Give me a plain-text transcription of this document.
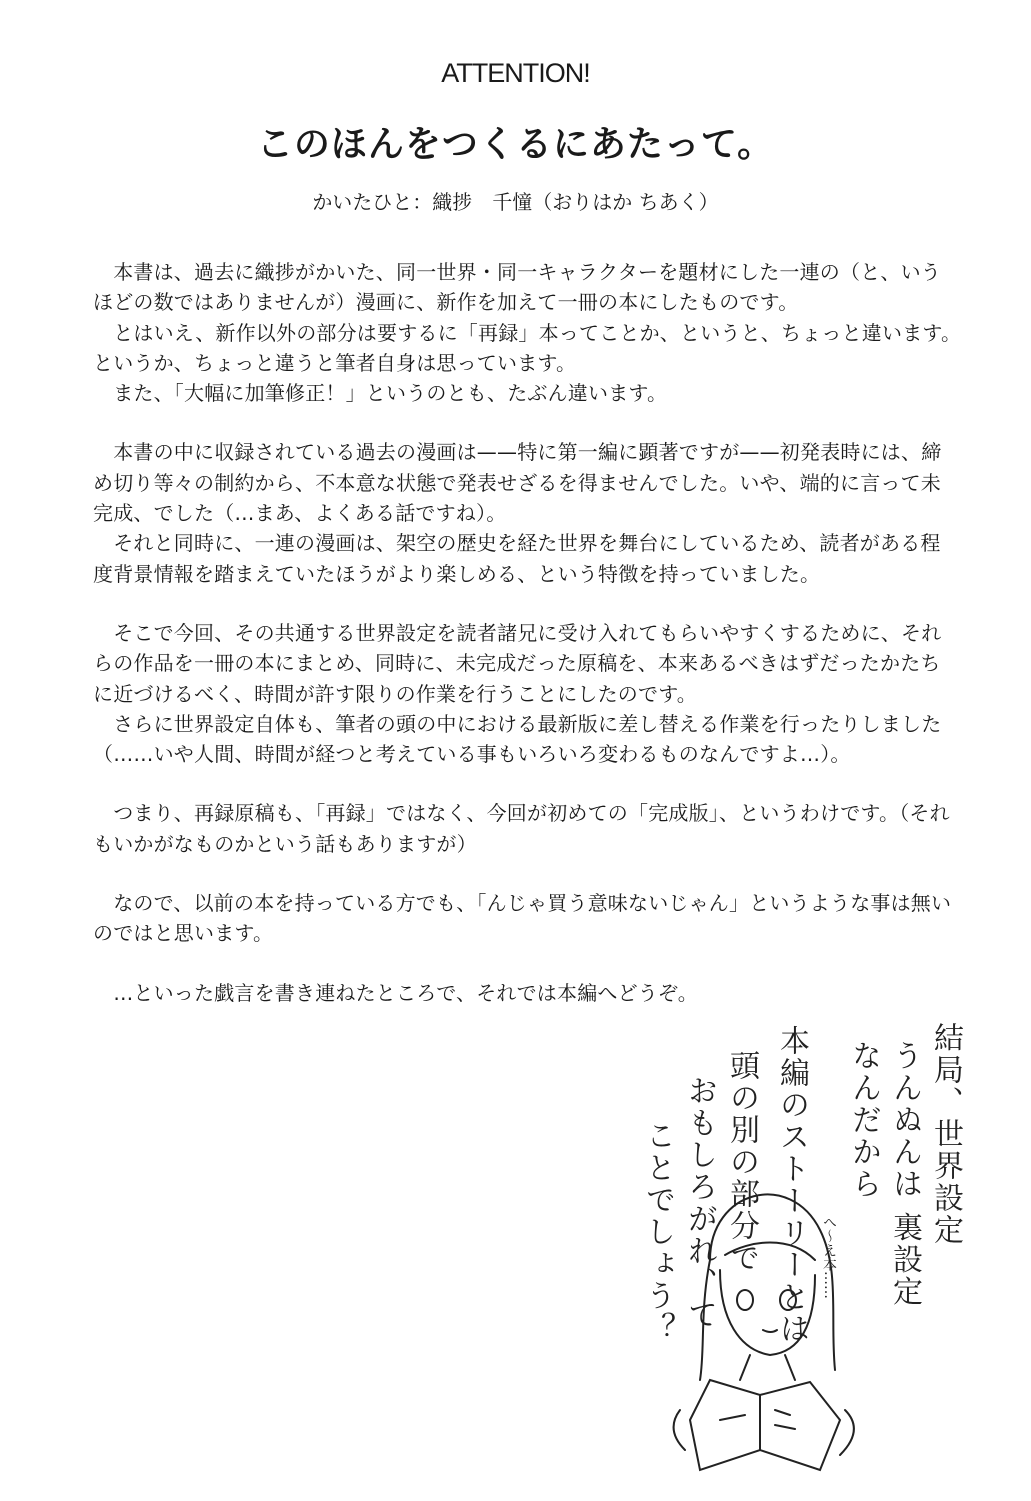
ATTENTION!
このほんをつくるにあたって。
かいたひと：織捗　千憧（おりはか ちあく）
　本書は、過去に織捗がかいた、同一世界・同一キャラクターを題材にした一連の（と、いう
ほどの数ではありませんが）漫画に、新作を加えて一冊の本にしたものです。
　とはいえ、新作以外の部分は要するに「再録」本ってことか、というと、ちょっと違います。
というか、ちょっと違うと筆者自身は思っています。
　また、「大幅に加筆修正！」というのとも、たぶん違います。
　本書の中に収録されている過去の漫画は——特に第一編に顕著ですが——初発表時には、締
め切り等々の制約から、不本意な状態で発表せざるを得ませんでした。いや、端的に言って未
完成、でした（…まあ、よくある話ですね）。
　それと同時に、一連の漫画は、架空の歴史を経た世界を舞台にしているため、読者がある程
度背景情報を踏まえていたほうがより楽しめる、という特徴を持っていました。
　そこで今回、その共通する世界設定を読者諸兄に受け入れてもらいやすくするために、それ
らの作品を一冊の本にまとめ、同時に、未完成だった原稿を、本来あるべきはずだったかたち
に近づけるべく、時間が許す限りの作業を行うことにしたのです。
　さらに世界設定自体も、筆者の頭の中における最新版に差し替える作業を行ったりしました
（……いや人間、時間が経つと考えている事もいろいろ変わるものなんですよ…）。
　つまり、再録原稿も、「再録」ではなく、今回が初めての「完成版」、というわけです。（それ
もいかがなものかという話もありますが）
　なので、以前の本を持っている方でも、「んじゃ買う意味ないじゃん」というような事は無い
のではと思います。
　…といった戯言を書き連ねたところで、それでは本編へどうぞ。
結局、世界設定
うんぬんは 裏設定
なんだから
本編のストーリーとは
頭の別の部分で
おもしろがれ、て
ことでしょう？	へ〜え本……
